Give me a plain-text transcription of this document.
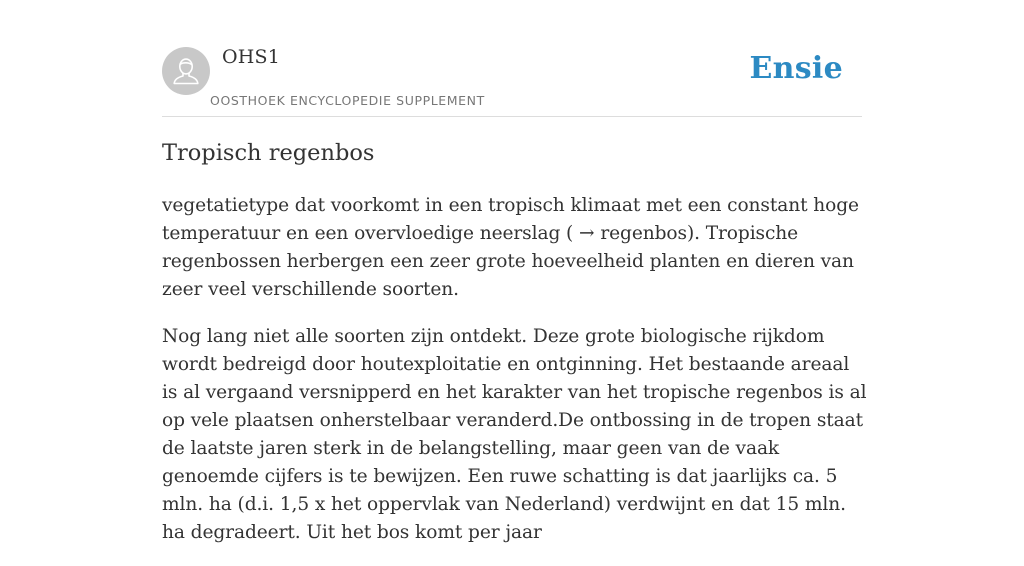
OHS1
OOSTHOEK ENCYCLOPEDIE SUPPLEMENT
Ensie
Tropisch regenbos

vegetatietype dat voorkomt in een tropisch klimaat met een constant hoge temperatuur en een overvloedige neerslag ( → regenbos). Tropische regenbossen herbergen een zeer grote hoeveelheid planten en dieren van zeer veel verschillende soorten.

Nog lang niet alle soorten zijn ontdekt. Deze grote biologische rijkdom wordt bedreigd door houtexploitatie en ontginning. Het bestaande areaal is al vergaand versnipperd en het karakter van het tropische regenbos is al op vele plaatsen onherstelbaar veranderd.De ontbossing in de tropen staat de laatste jaren sterk in de belangstelling, maar geen van de vaak genoemde cijfers is te bewijzen. Een ruwe schatting is dat jaarlijks ca. 5 mln. ha (d.i. 1,5 x het oppervlak van Nederland) verdwijnt en dat 15 mln. ha degradeert. Uit het bos komt per jaar
